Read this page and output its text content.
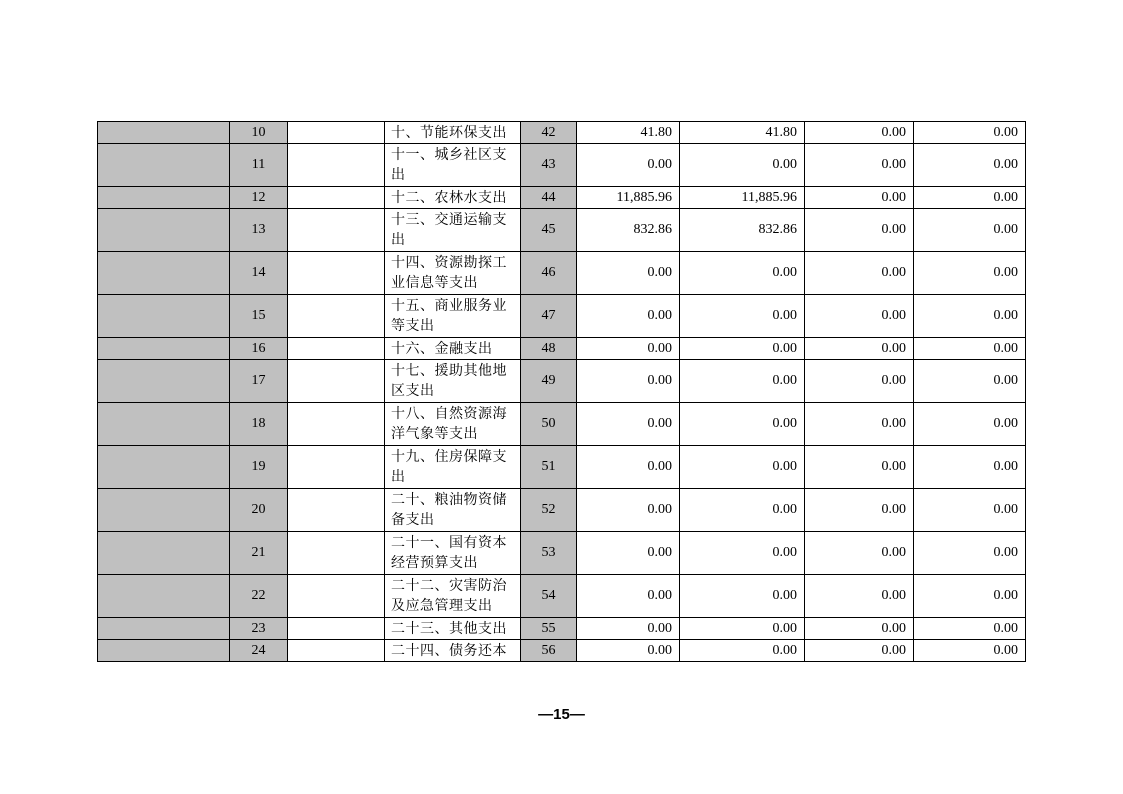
	10		十、节能环保支出	42	41.80	41.80	0.00	0.00
	11		十一、城乡社区支出	43	0.00	0.00	0.00	0.00
	12		十二、农林水支出	44	11,885.96	11,885.96	0.00	0.00
	13		十三、交通运输支出	45	832.86	832.86	0.00	0.00
	14		十四、资源勘探工业信息等支出	46	0.00	0.00	0.00	0.00
	15		十五、商业服务业等支出	47	0.00	0.00	0.00	0.00
	16		十六、金融支出	48	0.00	0.00	0.00	0.00
	17		十七、援助其他地区支出	49	0.00	0.00	0.00	0.00
	18		十八、自然资源海洋气象等支出	50	0.00	0.00	0.00	0.00
	19		十九、住房保障支出	51	0.00	0.00	0.00	0.00
	20		二十、粮油物资储备支出	52	0.00	0.00	0.00	0.00
	21		二十一、国有资本经营预算支出	53	0.00	0.00	0.00	0.00
	22		二十二、灾害防治及应急管理支出	54	0.00	0.00	0.00	0.00
	23		二十三、其他支出	55	0.00	0.00	0.00	0.00
	24		二十四、债务还本	56	0.00	0.00	0.00	0.00
—15—
